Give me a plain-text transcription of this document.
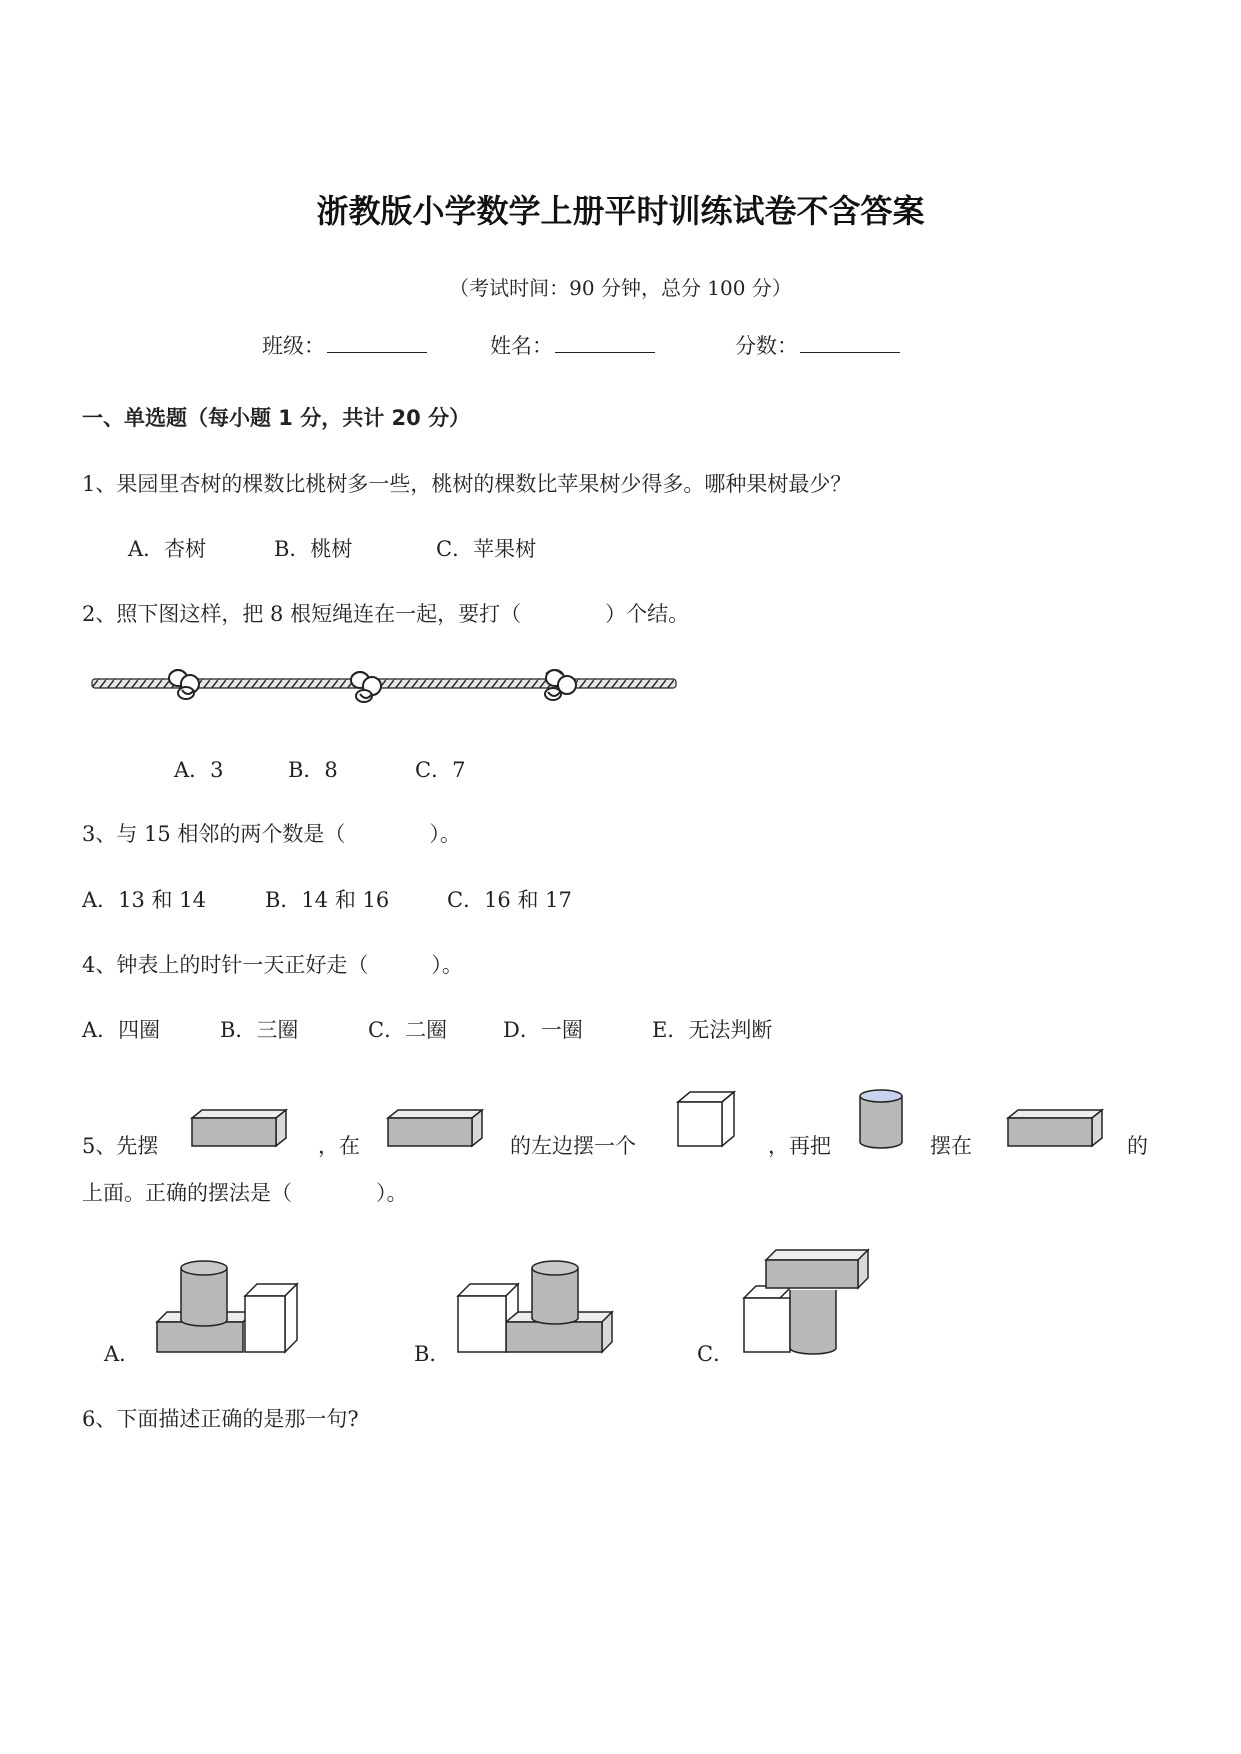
浙教版小学数学上册平时训练试卷不含答案
（考试时间：90 分钟，总分 100 分）
班级：	姓名：	分数：
一、单选题（每小题 1 分，共计 20 分）
1、果园里杏树的棵数比桃树多一些，桃树的棵数比苹果树少得多。哪种果树最少？
A．杏树	B．桃树	C．苹果树
2、照下图这样，把 8 根短绳连在一起，要打（　　　　）个结。
A．3	B．8	C．7
3、与 15 相邻的两个数是（　　　　）。
A．13 和 14	B．14 和 16	C．16 和 17
4、钟表上的时针一天正好走（　　　）。
A．四圈	B．三圈	C．二圈	D．一圈	E．无法判断
5、先摆	，在	的左边摆一个	，再把	摆在	的
上面。正确的摆法是（　　　　）。
A．	B．	C．
6、下面描述正确的是那一句?
